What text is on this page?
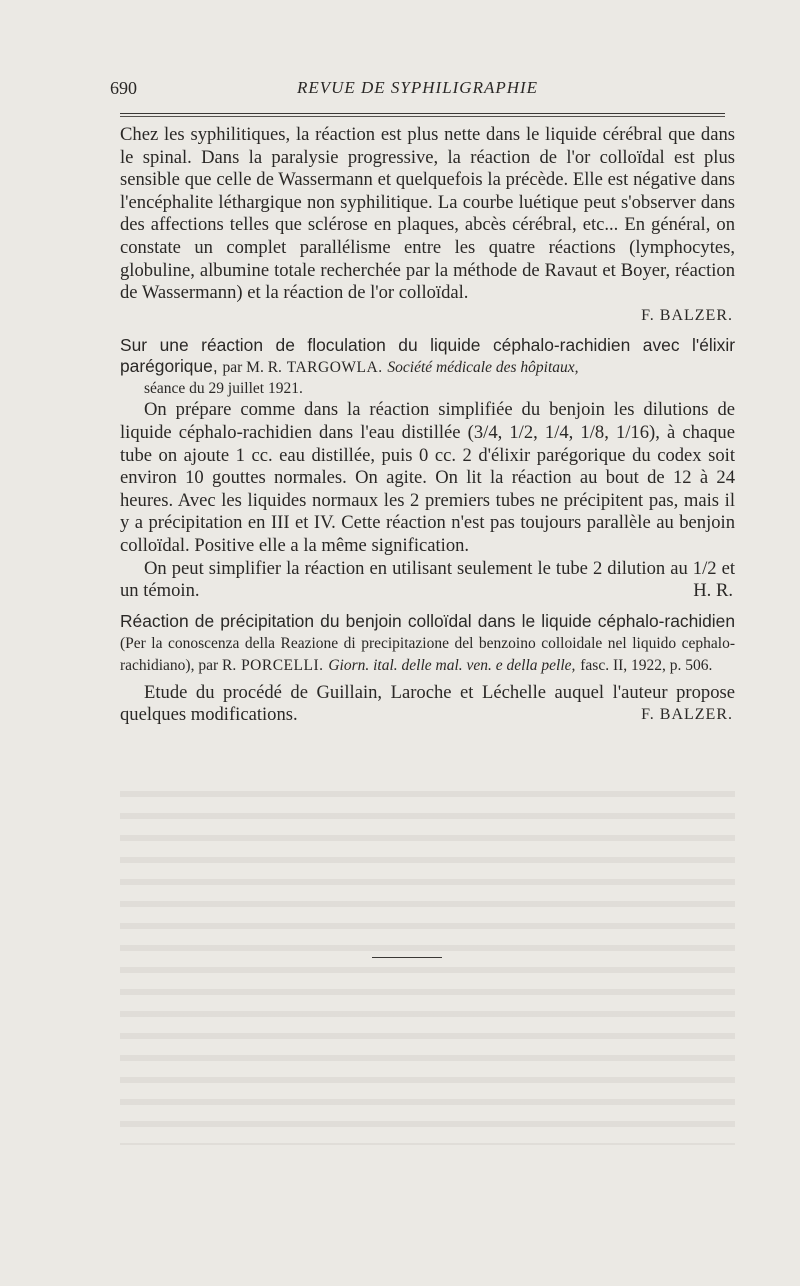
690	REVUE DE SYPHILIGRAPHIE

Chez les syphilitiques, la réaction est plus nette dans le liquide cérébral que dans le spinal. Dans la paralysie progressive, la réaction de l'or colloïdal est plus sensible que celle de Wassermann et quelquefois la précède. Elle est négative dans l'encéphalite léthargique non syphilitique. La courbe luétique peut s'observer dans des affections telles que sclérose en plaques, abcès cérébral, etc... En général, on constate un complet parallélisme entre les quatre réactions (lymphocytes, globuline, albumine totale recherchée par la méthode de Ravaut et Boyer, réaction de Wassermann) et la réaction de l'or colloïdal.

F. BALZER.

Sur une réaction de floculation du liquide céphalo-rachidien avec l'élixir parégorique, par M. R. TARGOWLA. Société médicale des hôpitaux,

séance du 29 juillet 1921.

On prépare comme dans la réaction simplifiée du benjoin les dilutions de liquide céphalo-rachidien dans l'eau distillée (3/4, 1/2, 1/4, 1/8, 1/16), à chaque tube on ajoute 1 cc. eau distillée, puis 0 cc. 2 d'élixir parégorique du codex soit environ 10 gouttes normales. On agite. On lit la réaction au bout de 12 à 24 heures. Avec les liquides normaux les 2 premiers tubes ne précipitent pas, mais il y a précipitation en III et IV. Cette réaction n'est pas toujours parallèle au benjoin colloïdal. Positive elle a la même signification.

On peut simplifier la réaction en utilisant seulement le tube 2 dilution au 1/2 et un témoin.	H. R.

Réaction de précipitation du benjoin colloïdal dans le liquide céphalo-rachidien (Per la conoscenza della Reazione di precipitazione del benzoino colloidale nel liquido cephalo-rachidiano), par R. PORCELLI. Giorn. ital. delle mal. ven. e della pelle, fasc. II, 1922, p. 506.

Etude du procédé de Guillain, Laroche et Léchelle auquel l'auteur propose quelques modifications.	F. BALZER.
